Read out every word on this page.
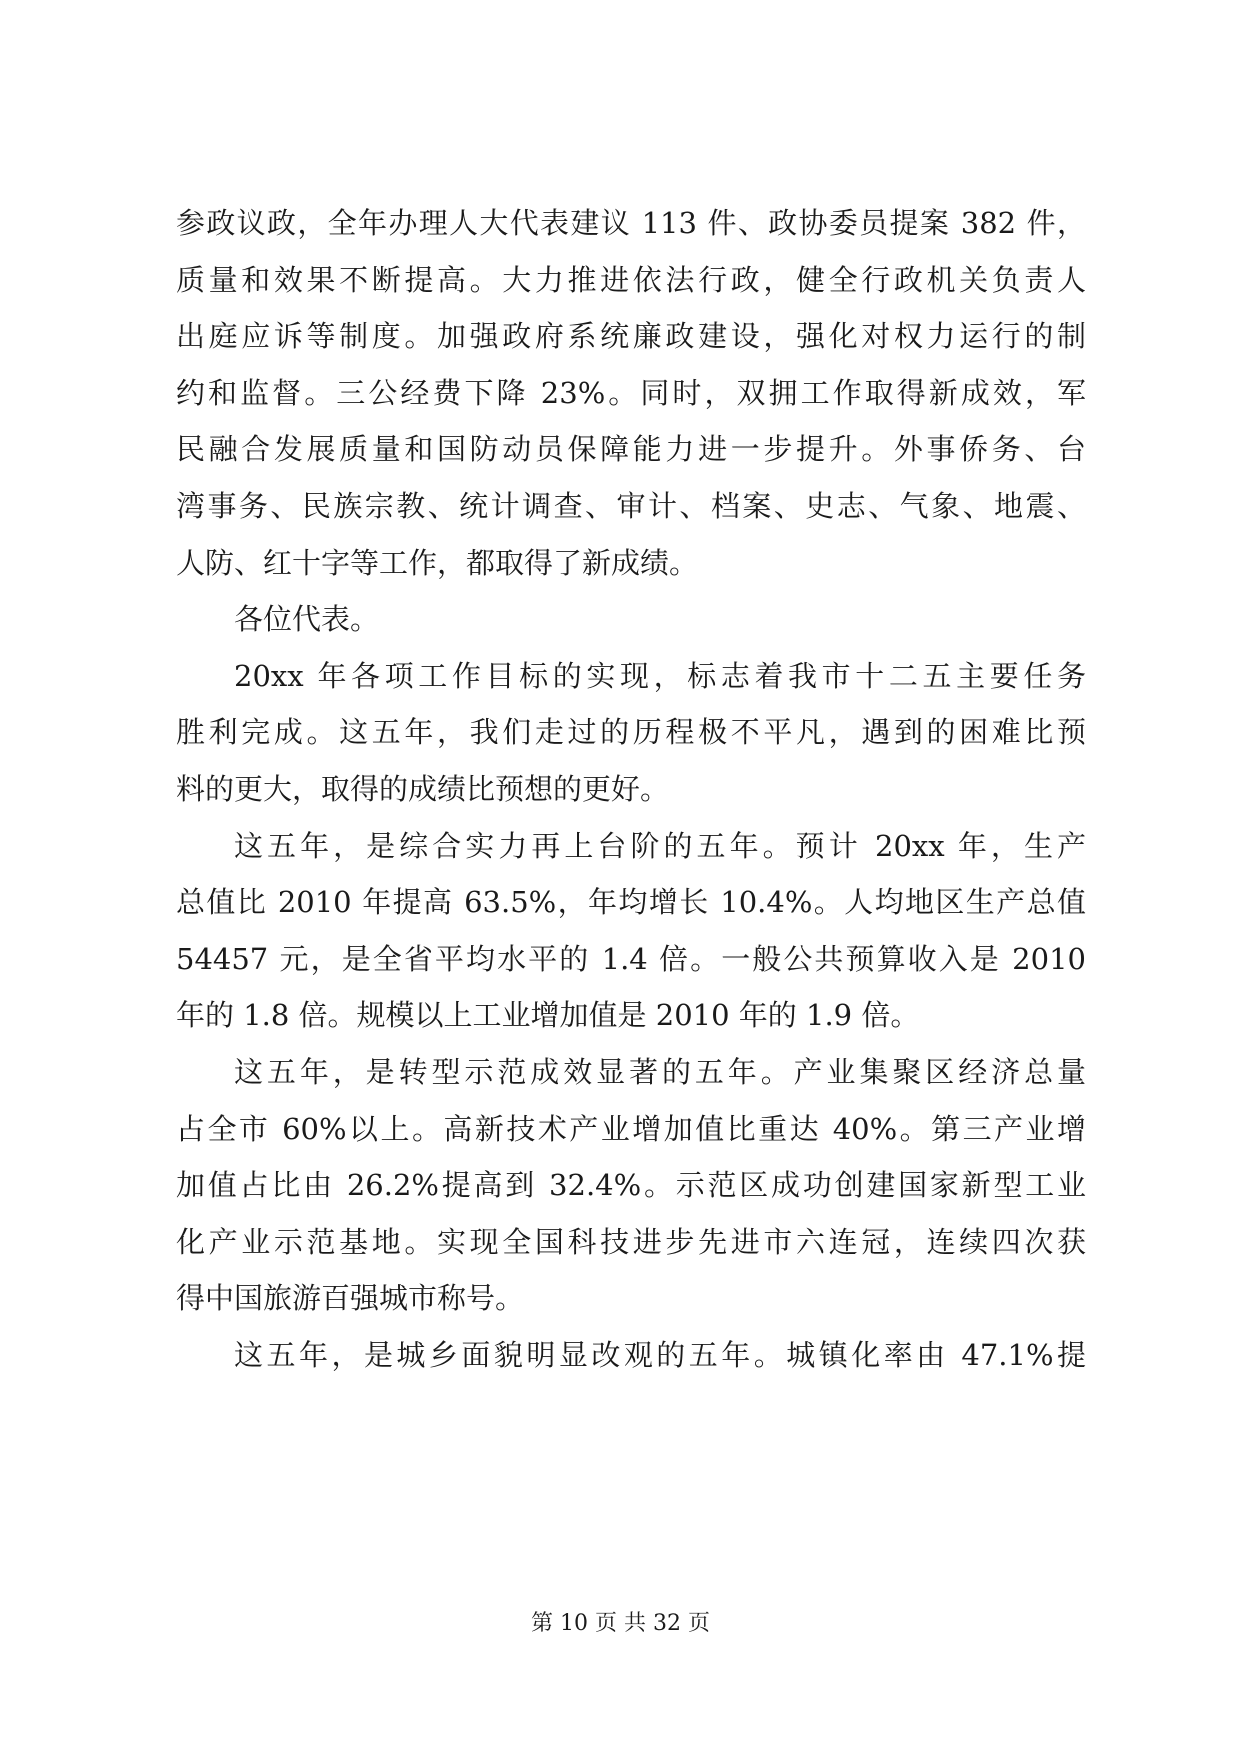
参政议政，全年办理人大代表建议 113 件、政协委员提案 382 件，
质量和效果不断提高。大力推进依法行政，健全行政机关负责人
出庭应诉等制度。加强政府系统廉政建设，强化对权力运行的制
约和监督。三公经费下降 23%。同时，双拥工作取得新成效，军
民融合发展质量和国防动员保障能力进一步提升。外事侨务、台
湾事务、民族宗教、统计调查、审计、档案、史志、气象、地震、
人防、红十字等工作，都取得了新成绩。
各位代表。
20xx 年各项工作目标的实现，标志着我市十二五主要任务
胜利完成。这五年，我们走过的历程极不平凡，遇到的困难比预
料的更大，取得的成绩比预想的更好。
这五年，是综合实力再上台阶的五年。预计 20xx 年，生产
总值比 2010 年提高 63.5%，年均增长 10.4%。人均地区生产总值
54457 元，是全省平均水平的 1.4 倍。一般公共预算收入是 2010
年的 1.8 倍。规模以上工业增加值是 2010 年的 1.9 倍。
这五年，是转型示范成效显著的五年。产业集聚区经济总量
占全市 60%以上。高新技术产业增加值比重达 40%。第三产业增
加值占比由 26.2%提高到 32.4%。示范区成功创建国家新型工业
化产业示范基地。实现全国科技进步先进市六连冠，连续四次获
得中国旅游百强城市称号。
这五年，是城乡面貌明显改观的五年。城镇化率由 47.1%提
第 10 页 共 32 页
